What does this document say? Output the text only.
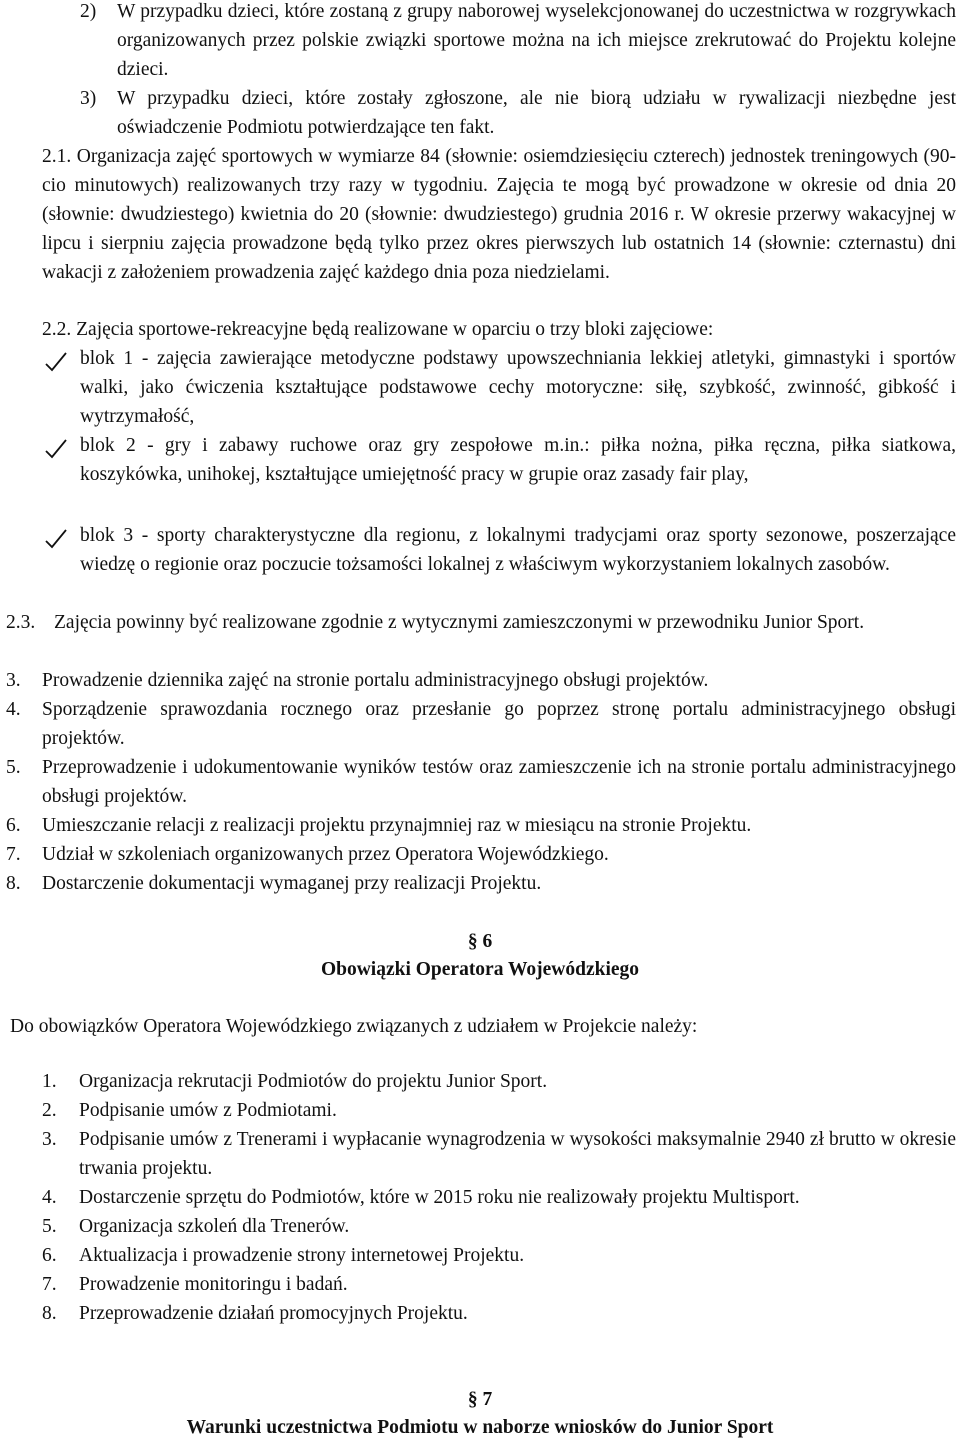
2)	W przypadku dzieci, które zostaną z grupy naborowej wyselekcjonowanej do uczestnictwa w rozgrywkach organizowanych przez polskie związki sportowe można na ich miejsce zrekrutować do Projektu kolejne dzieci.
3)	W przypadku dzieci, które zostały zgłoszone, ale nie biorą udziału w rywalizacji niezbędne jest oświadczenie Podmiotu potwierdzające ten fakt.
2.1. Organizacja zajęć sportowych w wymiarze 84 (słownie: osiemdziesięciu czterech) jednostek treningowych (90-cio minutowych) realizowanych trzy razy w tygodniu. Zajęcia te mogą być prowadzone w okresie od dnia 20 (słownie: dwudziestego) kwietnia do 20 (słownie: dwudziestego) grudnia 2016 r. W okresie przerwy wakacyjnej w lipcu i sierpniu zajęcia prowadzone będą tylko przez okres pierwszych lub ostatnich 14 (słownie: czternastu) dni wakacji z założeniem prowadzenia zajęć każdego dnia poza niedzielami.
2.2. Zajęcia sportowe-rekreacyjne będą realizowane w oparciu o trzy bloki zajęciowe:
blok 1 - zajęcia zawierające metodyczne podstawy upowszechniania lekkiej atletyki, gimnastyki i sportów walki, jako ćwiczenia kształtujące podstawowe cechy motoryczne: siłę, szybkość, zwinność, gibkość i wytrzymałość,
blok 2 - gry i zabawy ruchowe oraz gry zespołowe m.in.: piłka nożna, piłka ręczna, piłka siatkowa, koszykówka, unihokej, kształtujące umiejętność pracy w grupie oraz zasady fair play,
blok 3 - sporty charakterystyczne dla regionu, z lokalnymi tradycjami oraz sporty sezonowe, poszerzające wiedzę o regionie oraz poczucie tożsamości lokalnej z właściwym wykorzystaniem lokalnych zasobów.
2.3. Zajęcia powinny być realizowane zgodnie z wytycznymi zamieszczonymi w przewodniku Junior Sport.
3.	Prowadzenie dziennika zajęć na stronie portalu administracyjnego obsługi projektów.
4.	Sporządzenie sprawozdania rocznego oraz przesłanie go poprzez stronę portalu administracyjnego obsługi projektów.
5.	Przeprowadzenie i udokumentowanie wyników testów oraz zamieszczenie ich na stronie portalu administracyjnego obsługi projektów.
6.	Umieszczanie relacji z realizacji projektu przynajmniej raz w miesiącu na stronie Projektu.
7.	Udział w szkoleniach organizowanych przez Operatora Wojewódzkiego.
8.	Dostarczenie dokumentacji wymaganej przy realizacji Projektu.
§ 6
Obowiązki Operatora Wojewódzkiego
Do obowiązków Operatora Wojewódzkiego związanych z udziałem w Projekcie należy:
1.	Organizacja rekrutacji Podmiotów do projektu Junior Sport.
2.	Podpisanie umów z Podmiotami.
3.	Podpisanie umów z Trenerami i wypłacanie wynagrodzenia w wysokości maksymalnie 2940 zł brutto w okresie trwania projektu.
4.	Dostarczenie sprzętu do Podmiotów, które w 2015 roku nie realizowały projektu Multisport.
5.	Organizacja szkoleń dla Trenerów.
6.	Aktualizacja i prowadzenie strony internetowej Projektu.
7.	Prowadzenie monitoringu i badań.
8.	Przeprowadzenie działań promocyjnych Projektu.
§ 7
Warunki uczestnictwa Podmiotu w naborze wniosków do Junior Sport
